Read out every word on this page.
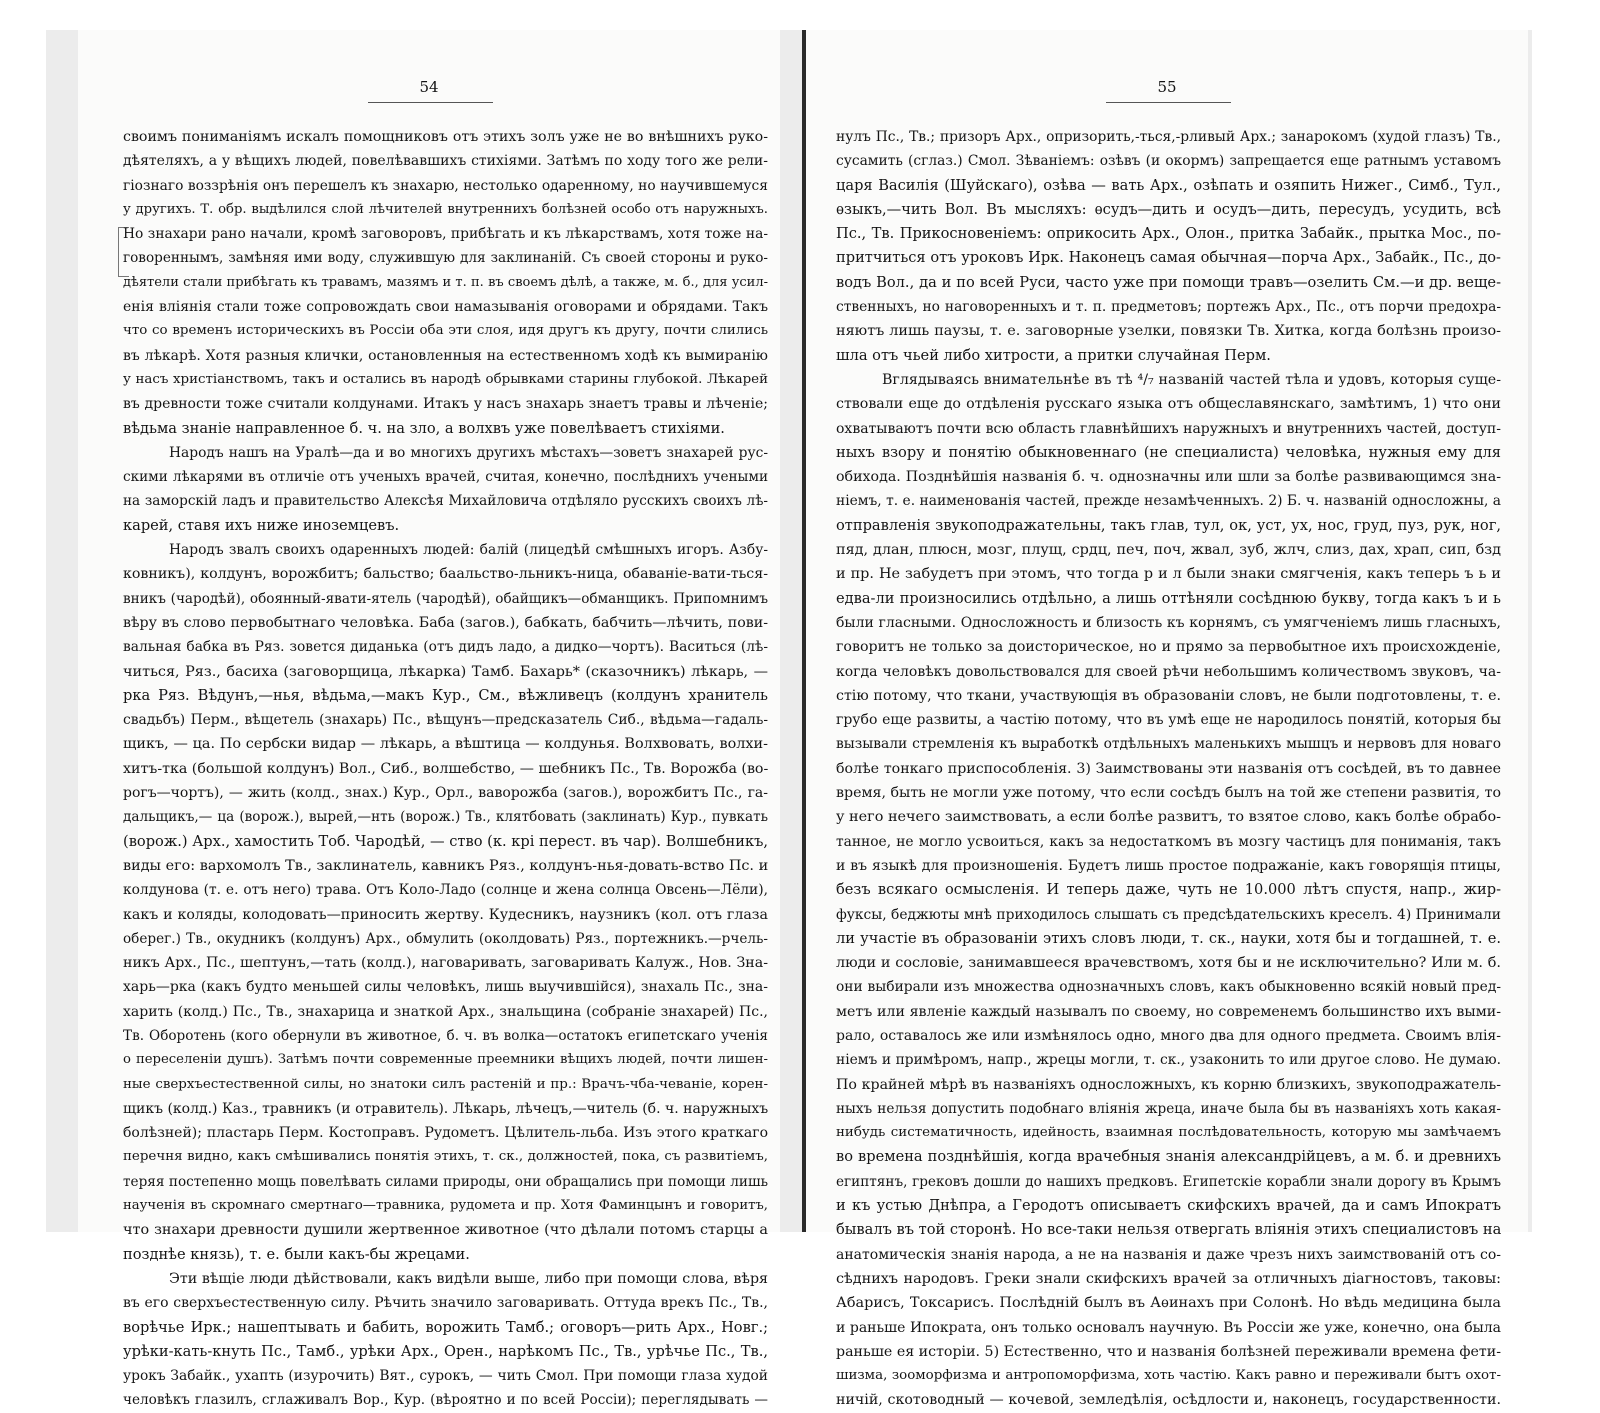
54
своимъ пониманіямъ искалъ помощниковъ отъ этихъ золъ уже не во внѣшнихъ руко-
дѣятеляхъ, а у вѣщихъ людей, повелѣвавшихъ стихіями. Затѣмъ по ходу того же рели-
гіознаго воззрѣнія онъ перешелъ къ знахарю, нестолько одаренному, но научившемуся
у другихъ. Т. обр. выдѣлился слой лѣчителей внутреннихъ болѣзней особо отъ наружныхъ.
Но знахари рано начали, кромѣ заговоровъ, прибѣгать и къ лѣкарствамъ, хотя тоже на-
говореннымъ, замѣняя ими воду, служившую для заклинаній. Съ своей стороны и руко-
дѣятели стали прибѣгать къ травамъ, мазямъ и т. п. въ своемъ дѣлѣ, а также, м. б., для усил-
енія вліянія стали тоже сопровождать свои намазыванія оговорами и обрядами. Такъ
что со временъ историческихъ въ Россіи оба эти слоя, идя другъ къ другу, почти слились
въ лѣкарѣ. Хотя разныя клички, остановленныя на естественномъ ходѣ къ вымиранію
у насъ христіанствомъ, такъ и остались въ народѣ обрывками старины глубокой. Лѣкарей
въ древности тоже считали колдунами. Итакъ у насъ знахарь знаетъ травы и лѣченіе;
вѣдьма знаніе направленное б. ч. на зло, а волхвъ уже повелѣваетъ стихіями.
Народъ нашъ на Уралѣ—да и во многихъ другихъ мѣстахъ—зоветъ знахарей рус-
скими лѣкарями въ отличіе отъ ученыхъ врачей, считая, конечно, послѣднихъ учеными
на заморскій ладъ и правительство Алексѣя Михайловича отдѣляло русскихъ своихъ лѣ-
карей, ставя ихъ ниже иноземцевъ.
Народъ звалъ своихъ одаренныхъ людей: балій (лицедѣй смѣшныхъ игоръ. Азбу-
ковникъ), колдунъ, ворожбитъ; бальство; баальство-льникъ-ница, обаваніе-вати-ться-
вникъ (чародѣй), обоянный-явати-ятель (чародѣй), обайщикъ—обманщикъ. Припомнимъ
вѣру въ слово первобытнаго человѣка. Баба (загов.), бабкать, бабчить—лѣчить, пови-
вальная бабка въ Ряз. зовется диданька (отъ дидъ ладо, а дидко—чортъ). Васиться (лѣ-
читься, Ряз., басиха (заговорщица, лѣкарка) Тамб. Бахарь* (сказочникъ) лѣкарь, —
рка Ряз. Вѣдунъ,—нья, вѣдьма,—макъ Кур., См., вѣжливецъ (колдунъ хранитель
свадьбъ) Перм., вѣщетель (знахарь) Пс., вѣщунъ—предсказатель Сиб., вѣдьма—гадаль-
щикъ, — ца. По сербски видар — лѣкарь, а вѣштица — колдунья. Волхвовать, волхи-
хитъ-тка (большой колдунъ) Вол., Сиб., волшебство, — шебникъ Пс., Тв. Ворожба (во-
рогъ—чортъ), — жить (колд., знах.) Кур., Орл., ваворожба (загов.), ворожбитъ Пс., га-
дальщикъ,— ца (ворож.), вырей,—нть (ворож.) Тв., клятбовать (заклинать) Кур., пувкать
(ворож.) Арх., хамостить Тоб. Чародѣй, — ство (к. кpi перест. въ чар). Волшебникъ,
виды его: вархомолъ Тв., заклинатель, кавникъ Ряз., колдунъ-нья-довать-вство Пс. и
колдунова (т. е. отъ него) трава. Отъ Коло-Ладо (солнце и жена солнца Овсень—Лёли),
какъ и коляды, колодовать—приносить жертву. Кудесникъ, наузникъ (кол. отъ глаза
оберег.) Тв., окудникъ (колдунъ) Арх., обмулить (околдовать) Ряз., портежникъ.—рчель-
никъ Арх., Пс., шептунъ,—тать (колд.), наговаривать, заговаривать Калуж., Нов. Зна-
харь—рка (какъ будто меньшей силы человѣкъ, лишь выучившійся), знахаль Пс., зна-
харить (колд.) Пс., Тв., знахарица и знаткой Арх., знальщина (собраніе знахарей) Пс.,
Тв. Оборотень (кого обернули въ животное, б. ч. въ волка—остатокъ египетскаго ученія
о переселеніи душъ). Затѣмъ почти современные преемники вѣщихъ людей, почти лишен-
ные сверхъестественной силы, но знатоки силъ растеній и пр.: Врачъ-чба-чеваніе, корен-
щикъ (колд.) Каз., травникъ (и отравитель). Лѣкарь, лѣчецъ,—читель (б. ч. наружныхъ
болѣзней); пластарь Перм. Костоправъ. Рудометъ. Цѣлитель-льба. Изъ этого краткаго
перечня видно, какъ смѣшивались понятія этихъ, т. ск., должностей, пока, съ развитіемъ,
теряя постепенно мощь повелѣвать силами природы, они обращались при помощи лишь
наученія въ скромнаго смертнаго—травника, рудомета и пр. Хотя Фаминцынъ и говоритъ,
что знахари древности душили жертвенное животное (что дѣлали потомъ старцы а
позднѣе князь), т. е. были какъ-бы жрецами.
Эти вѣщіе люди дѣйствовали, какъ видѣли выше, либо при помощи слова, вѣря
въ его сверхъестественную силу. Рѣчить значило заговаривать. Оттуда врекъ Пс., Тв.,
вoрѣчье Ирк.; нашептывать и бабить, ворожить Тамб.; оговоръ—рить Арх., Новг.;
урѣки-кать-кнуть Пс., Тамб., урѣки Арх., Орен., нарѣкомъ Пс., Тв., урѣчье Пс., Тв.,
урокъ Забайк., ухапть (изурочить) Вят., сурокъ, — чить Смол. При помощи глаза худой
человѣкъ глазилъ, сглаживалъ Вор., Кур. (вѣроятно и по всей Россіи); переглядывать —
55
нулъ Пс., Тв.; призоръ Арх., опризорить,-ться,-рливый Арх.; занарокомъ (худой глазъ) Тв.,
сусамить (сглаз.) Смол. Зѣваніемъ: озѣвъ (и окормъ) запрещается еще ратнымъ уставомъ
царя Василія (Шуйскаго), озѣва — вать Арх., озѣпать и озяпить Нижег., Симб., Тул.,
ѳзыкъ,—чить Вол. Въ мысляхъ: ѳсудъ—дить и осудъ—дить, пересудъ, усудить, всѣ
Пс., Тв. Прикосновеніемъ: оприкосить Арх., Олон., притка Забайк., прытка Мос., по-
притчиться отъ уроковъ Ирк. Наконецъ самая обычная—порча Арх., Забайк., Пс., до-
водъ Вол., да и по всей Руси, часто уже при помощи травъ—озелить См.—и др. веще-
ственныхъ, но наговоренныхъ и т. п. предметовъ; портежъ Арх., Пс., отъ порчи предохра-
няютъ лишь паузы, т. е. заговорные узелки, повязки Тв. Хитка, когда болѣзнь произо-
шла отъ чьей либо хитрости, а притки случайная Перм.
Вглядываясь внимательнѣе въ тѣ ⁴/₇ названій частей тѣла и удовъ, которыя суще-
ствовали еще до отдѣленія русскаго языка отъ общеславянскаго, замѣтимъ, 1) что они
охватываютъ почти всю область главнѣйшихъ наружныхъ и внутреннихъ частей, доступ-
ныхъ взору и понятію обыкновеннаго (не специалиста) человѣка, нужныя ему для
обихода. Позднѣйшія названія б. ч. однозначны или шли за болѣе развивающимся зна-
ніемъ, т. е. наименованія частей, прежде незамѣченныхъ. 2) Б. ч. названій односложны, а
отправленія звукоподражательны, такъ глав, тул, ок, уст, ух, нос, груд, пуз, рук, ног,
пяд, длан, плюсн, мозг, плущ, срдц, печ, поч, жвал, зуб, жлч, слиз, дах, храп, сип, бзд
и пр. Не забудетъ при этомъ, что тогда р и л были знаки смягченія, какъ теперь ъ ь и
едва-ли произносились отдѣльно, а лишь оттѣняли сосѣднюю букву, тогда какъ ъ и ь
были гласными. Односложность и близость къ корнямъ, съ умягченіемъ лишь гласныхъ,
говоритъ не только за доисторическое, но и прямо за первобытное ихъ происхожденіе,
когда человѣкъ довольствовался для своей рѣчи небольшимъ количествомъ звуковъ, ча-
стію потому, что ткани, участвующія въ образованіи словъ, не были подготовлены, т. е.
грубо еще развиты, а частію потому, что въ умѣ еще не народилось понятій, которыя бы
вызывали стремленія къ выработкѣ отдѣльныхъ маленькихъ мышцъ и нервовъ для новаго
болѣе тонкаго приспособленія. 3) Заимствованы эти названія отъ сосѣдей, въ то давнее
время, быть не могли уже потому, что если сосѣдъ былъ на той же степени развитія, то
у него нечего заимствовать, а если болѣе развитъ, то взятое слово, какъ болѣе обрабо-
танное, не могло усвоиться, какъ за недостаткомъ въ мозгу частицъ для пониманія, такъ
и въ языкѣ для произношенія. Будетъ лишь простое подражаніе, какъ говорящія птицы,
безъ всякаго осмысленія. И теперь даже, чуть не 10.000 лѣтъ спустя, напр., жир-
фуксы, беджюты мнѣ приходилось слышать съ предсѣдательскихъ креселъ. 4) Принимали
ли участіе въ образованіи этихъ словъ люди, т. ск., науки, хотя бы и тогдашней, т. е.
люди и сословіе, занимавшееся врачевствомъ, хотя бы и не исключительно? Или м. б.
они выбирали изъ множества однозначныхъ словъ, какъ обыкновенно всякій новый пред-
метъ или явленіе каждый называлъ по своему, но современемъ большинство ихъ выми-
рало, оставалось же или измѣнялось одно, много два для одного предмета. Своимъ влія-
ніемъ и примѣромъ, напр., жрецы могли, т. ск., узаконить то или другое слово. Не думаю.
По крайней мѣрѣ въ названіяхъ односложныхъ, къ корню близкихъ, звукоподражатель-
ныхъ нельзя допустить подобнаго вліянія жреца, иначе была бы въ названіяхъ хоть какая-
нибудь систематичность, идейность, взаимная послѣдовательность, которую мы замѣчаемъ
во времена позднѣйшія, когда врачебныя знанія александрійцевъ, а м. б. и древнихъ
египтянъ, грековъ дошли до нашихъ предковъ. Египетскіе корабли знали дорогу въ Крымъ
и къ устью Днѣпра, а Геродотъ описываетъ скифскихъ врачей, да и самъ Ипократъ
бывалъ въ той сторонѣ. Но все-таки нельзя отвергать вліянія этихъ специалистовъ на
анатомическія знанія народа, а не на названія и даже чрезъ нихъ заимствованій отъ со-
сѣднихъ народовъ. Греки знали скифскихъ врачей за отличныхъ діагностовъ, таковы:
Абарисъ, Токсарисъ. Послѣдній былъ въ Аѳинахъ при Солонѣ. Но вѣдь медицина была
и раньше Ипократа, онъ только основалъ научную. Въ Россіи же уже, конечно, она была
раньше ея исторіи. 5) Естественно, что и названія болѣзней переживали времена фети-
шизма, зооморфизма и антропоморфизма, хоть частію. Какъ равно и переживали бытъ охот-
ничій, скотоводный — кочевой, земледѣлія, осѣдлости и, наконецъ, государственности.
